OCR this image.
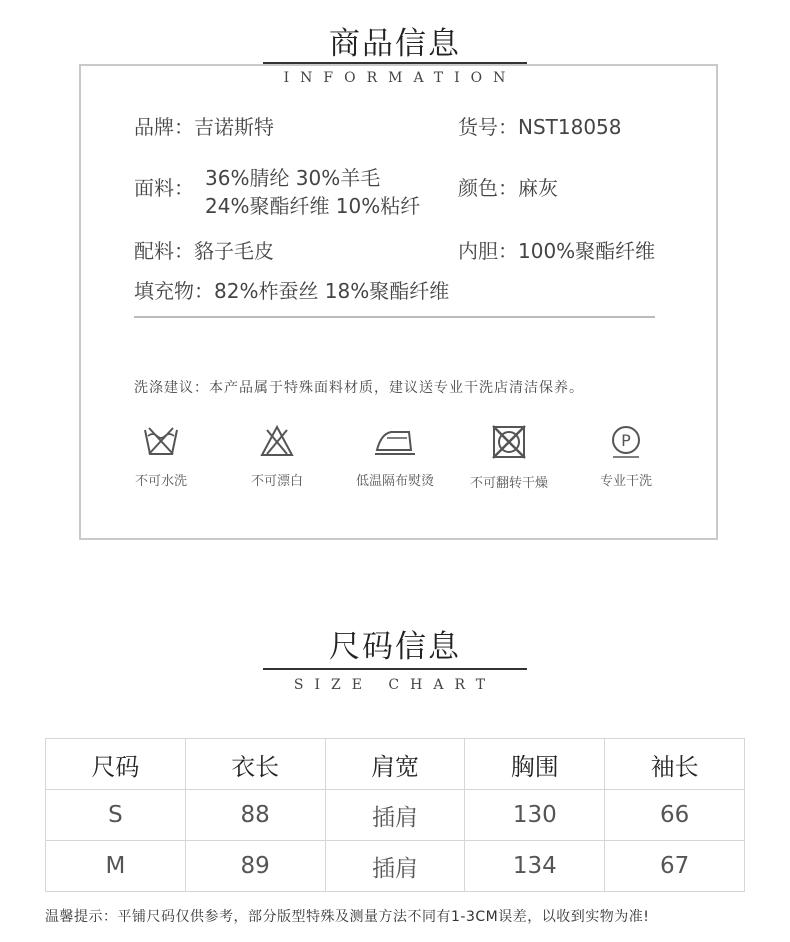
商品信息
INFORMATION
品牌：吉诺斯特	货号：NST18058
面料： 36%腈纶 30%羊毛
24%聚酯纤维 10%粘纤
颜色：麻灰
配料：貉子毛皮	内胆：100%聚酯纤维
填充物：82%柞蚕丝 18%聚酯纤维
洗涤建议：本产品属于特殊面料材质，建议送专业干洗店清洁保养。
不可水洗	不可漂白	低温隔布熨烫	不可翻转干燥
P
专业干洗
尺码信息
SIZE CHART
尺码	衣长	肩宽	胸围	袖长
S	88	插肩	130	66
M	89	插肩	134	67
温馨提示：平铺尺码仅供参考，部分版型特殊及测量方法不同有1-3CM误差，以收到实物为准!
